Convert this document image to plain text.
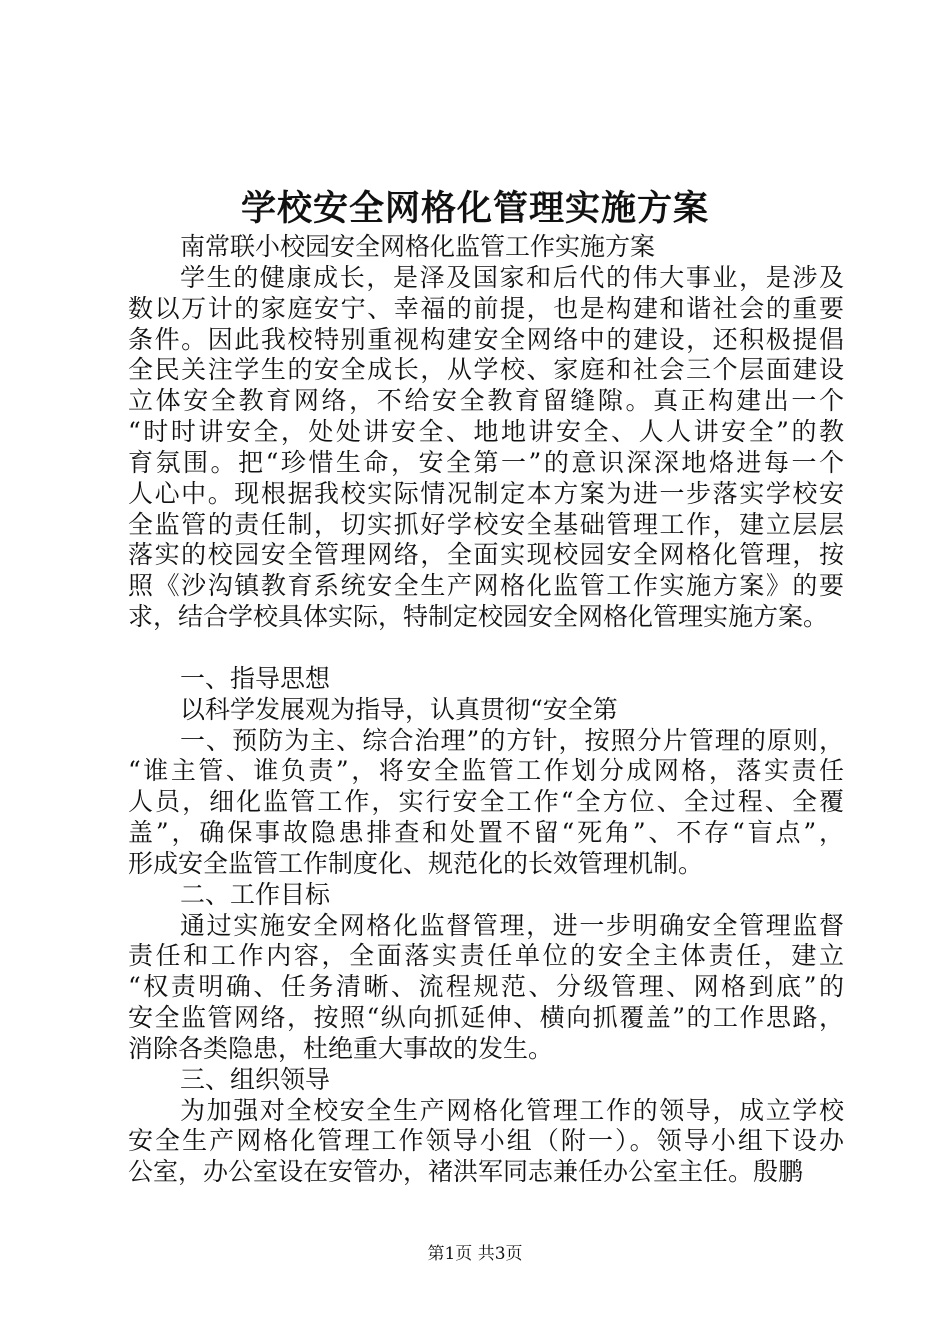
学校安全网格化管理实施方案
南常联小校园安全网格化监管工作实施方案
学生的健康成长，是泽及国家和后代的伟大事业，是涉及
数以万计的家庭安宁、幸福的前提，也是构建和谐社会的重要
条件。因此我校特别重视构建安全网络中的建设，还积极提倡
全民关注学生的安全成长，从学校、家庭和社会三个层面建设
立体安全教育网络，不给安全教育留缝隙。真正构建出一个
“时时讲安全，处处讲安全、地地讲安全、人人讲安全”的教
育氛围。把“珍惜生命，安全第一”的意识深深地烙进每一个
人心中。现根据我校实际情况制定本方案为进一步落实学校安
全监管的责任制，切实抓好学校安全基础管理工作，建立层层
落实的校园安全管理网络，全面实现校园安全网格化管理，按
照《沙沟镇教育系统安全生产网格化监管工作实施方案》的要
求，结合学校具体实际，特制定校园安全网格化管理实施方案。
一、指导思想
以科学发展观为指导，认真贯彻“安全第
一、预防为主、综合治理”的方针，按照分片管理的原则，
“谁主管、谁负责”，将安全监管工作划分成网格，落实责任
人员，细化监管工作，实行安全工作“全方位、全过程、全覆
盖”，确保事故隐患排查和处置不留“死角”、不存“盲点”，
形成安全监管工作制度化、规范化的长效管理机制。
二、工作目标
通过实施安全网格化监督管理，进一步明确安全管理监督
责任和工作内容，全面落实责任单位的安全主体责任，建立
“权责明确、任务清晰、流程规范、分级管理、网格到底”的
安全监管网络，按照“纵向抓延伸、横向抓覆盖”的工作思路，
消除各类隐患，杜绝重大事故的发生。
三、组织领导
为加强对全校安全生产网格化管理工作的领导，成立学校
安全生产网格化管理工作领导小组（附一）。领导小组下设办
公室，办公室设在安管办，褚洪军同志兼任办公室主任。殷鹏
第1页 共3页
